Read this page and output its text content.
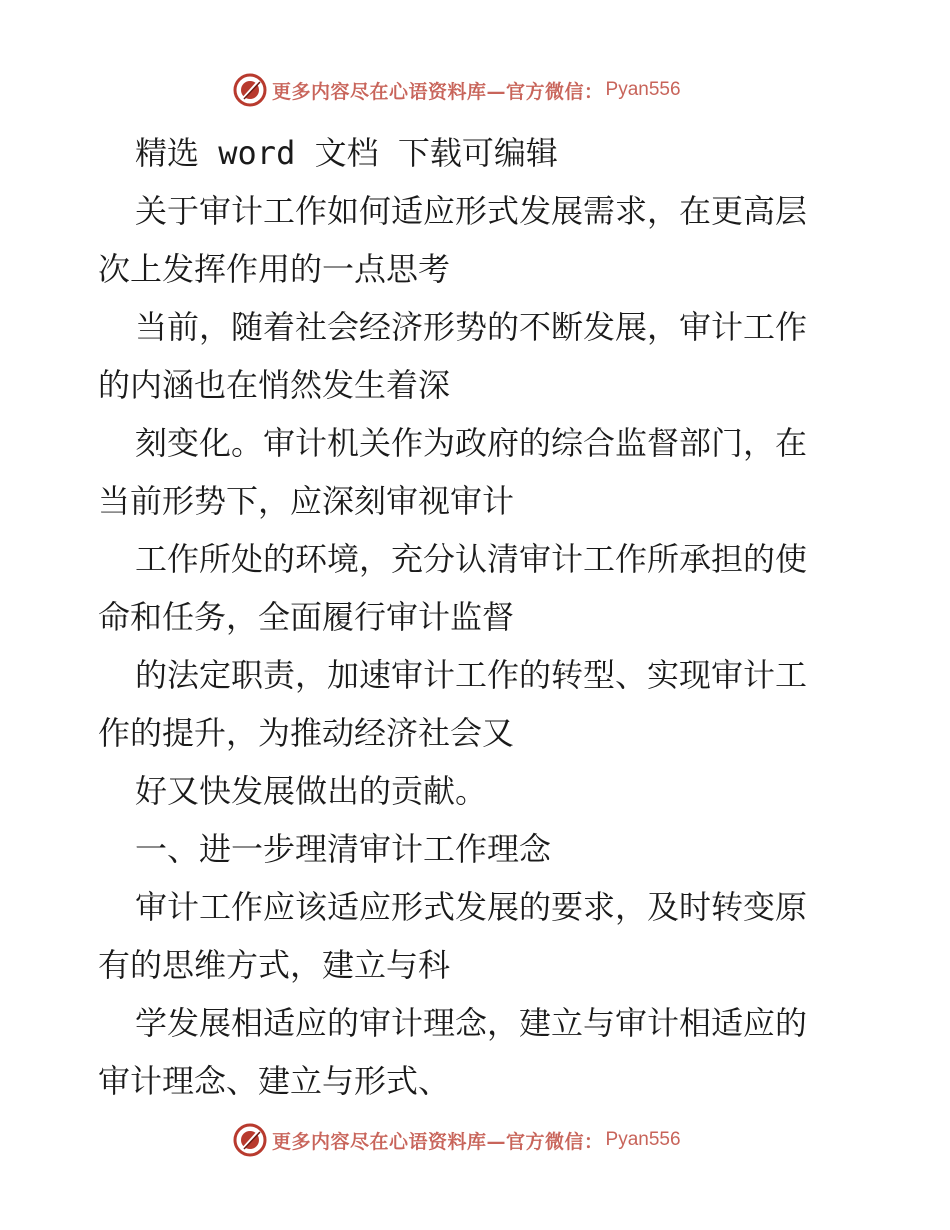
更多内容尽在心语资料库—官方微信： Pyan556

精选 word 文档 下载可编辑

关于审计工作如何适应形式发展需求，在更高层

次上发挥作用的一点思考

当前，随着社会经济形势的不断发展，审计工作

的内涵也在悄然发生着深

刻变化。审计机关作为政府的综合监督部门，在

当前形势下，应深刻审视审计

工作所处的环境，充分认清审计工作所承担的使

命和任务，全面履行审计监督

的法定职责，加速审计工作的转型、实现审计工

作的提升，为推动经济社会又

好又快发展做出的贡献。

一、进一步理清审计工作理念

审计工作应该适应形式发展的要求，及时转变原

有的思维方式，建立与科

学发展相适应的审计理念，建立与审计相适应的

审计理念、建立与形式、

更多内容尽在心语资料库—官方微信： Pyan556
